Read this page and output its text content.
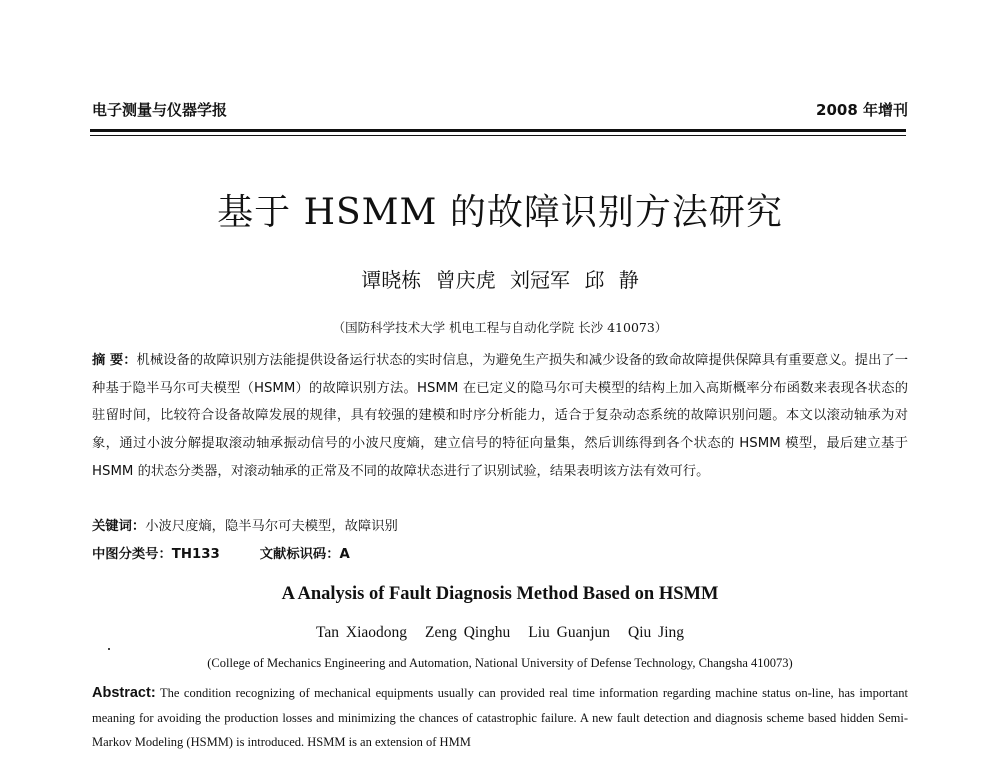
电子测量与仪器学报	2008 年增刊
基于 HSMM 的故障识别方法研究
谭晓栋 曾庆虎 刘冠军 邱 静
（国防科学技术大学 机电工程与自动化学院 长沙 410073）
摘 要：机械设备的故障识别方法能提供设备运行状态的实时信息，为避免生产损失和减少设备的致命故障提供保障具有重要意义。提出了一种基于隐半马尔可夫模型（HSMM）的故障识别方法。HSMM 在已定义的隐马尔可夫模型的结构上加入高斯概率分布函数来表现各状态的驻留时间，比较符合设备故障发展的规律，具有较强的建模和时序分析能力，适合于复杂动态系统的故障识别问题。本文以滚动轴承为对象，通过小波分解提取滚动轴承振动信号的小波尺度熵，建立信号的特征向量集，然后训练得到各个状态的 HSMM 模型，最后建立基于 HSMM 的状态分类器，对滚动轴承的正常及不同的故障状态进行了识别试验，结果表明该方法有效可行。
关键词：小波尺度熵，隐半马尔可夫模型，故障识别
中图分类号：TH133	文献标识码：A
A Analysis of Fault Diagnosis Method Based on HSMM
Tan Xiaodong Zeng Qinghu Liu Guanjun Qiu Jing
(College of Mechanics Engineering and Automation, National University of Defense Technology, Changsha 410073)
Abstract: The condition recognizing of mechanical equipments usually can provided real time information regarding machine status on-line, has important meaning for avoiding the production losses and minimizing the chances of catastrophic failure. A new fault detection and diagnosis scheme based hidden Semi-Markov Modeling (HSMM) is introduced. HSMM is an extension of HMM
